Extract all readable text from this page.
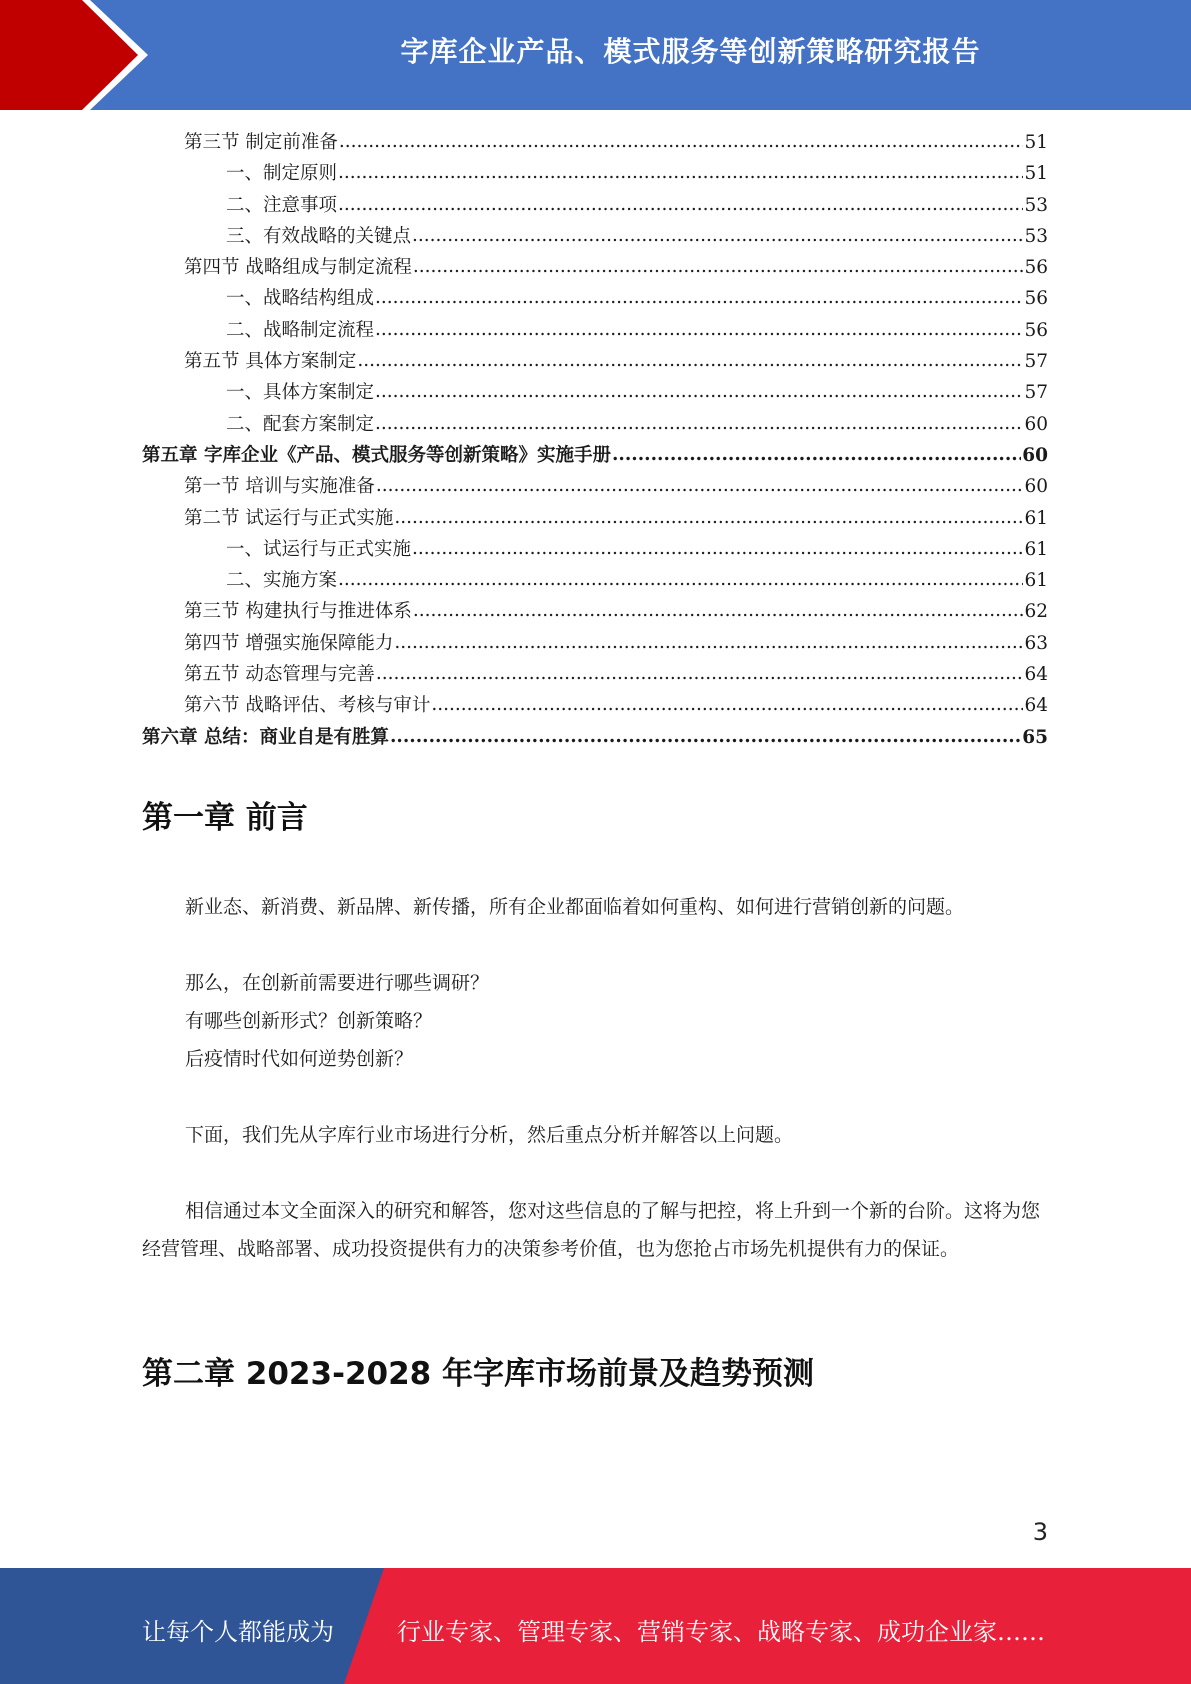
字库企业产品、模式服务等创新策略研究报告
第三节 制定前准备 .....	51
一、制定原则 .....	51
二、注意事项 .....	53
三、有效战略的关键点 .....	53
第四节 战略组成与制定流程 .....	56
一、战略结构组成 .....	56
二、战略制定流程 .....	56
第五节 具体方案制定 .....	57
一、具体方案制定 .....	57
二、配套方案制定 .....	60
第五章 字库企业《产品、模式服务等创新策略》实施手册 .....	60
第一节 培训与实施准备 .....	60
第二节 试运行与正式实施 .....	61
一、试运行与正式实施 .....	61
二、实施方案 .....	61
第三节 构建执行与推进体系 .....	62
第四节 增强实施保障能力 .....	63
第五节 动态管理与完善 .....	64
第六节 战略评估、考核与审计 .....	64
第六章 总结：商业自是有胜算 .....	65
第一章 前言
新业态、新消费、新品牌、新传播，所有企业都面临着如何重构、如何进行营销创新的问题。
那么，在创新前需要进行哪些调研？
有哪些创新形式？创新策略？
后疫情时代如何逆势创新？
下面，我们先从字库行业市场进行分析，然后重点分析并解答以上问题。
相信通过本文全面深入的研究和解答，您对这些信息的了解与把控，将上升到一个新的台阶。这将为您经营管理、战略部署、成功投资提供有力的决策参考价值，也为您抢占市场先机提供有力的保证。
第二章 2023-2028 年字库市场前景及趋势预测
3
让每个人都能成为	行业专家、管理专家、营销专家、战略专家、成功企业家……
